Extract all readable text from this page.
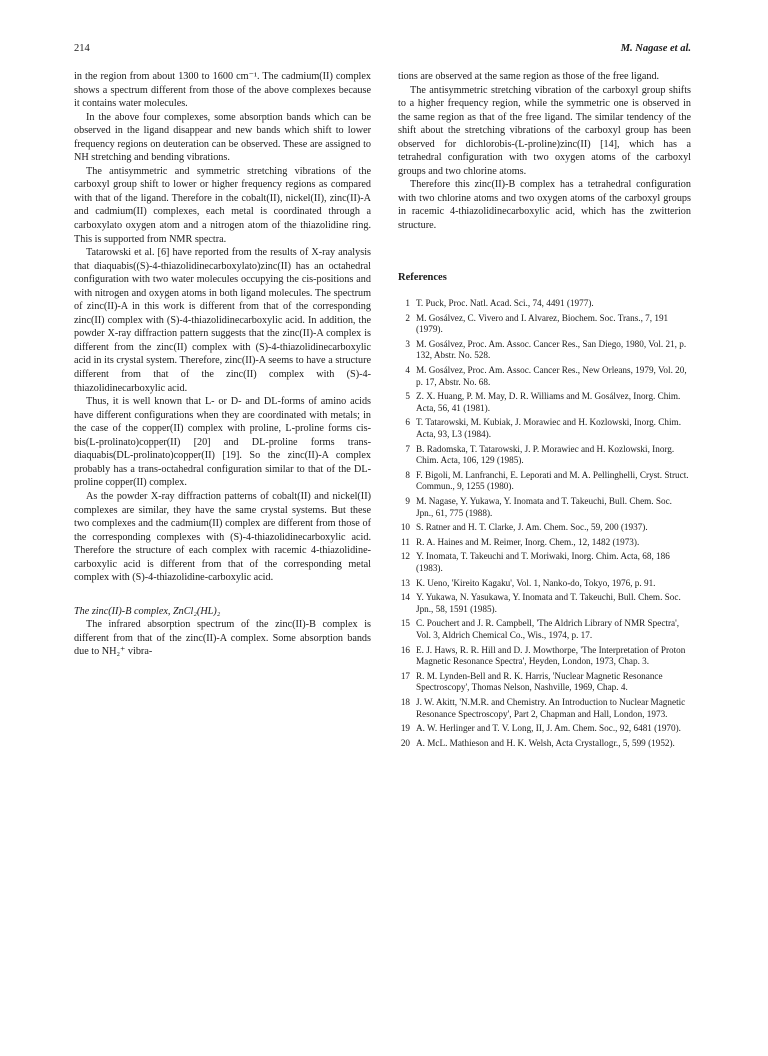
214	M. Nagase et al.

in the region from about 1300 to 1600 cm⁻¹. The cadmium(II) complex shows a spectrum different from those of the above complexes because it contains water molecules.

In the above four complexes, some absorption bands which can be observed in the ligand disappear and new bands which shift to lower frequency regions on deuteration can be observed. These are assigned to NH stretching and bending vibrations.

The antisymmetric and symmetric stretching vibrations of the carboxyl group shift to lower or higher frequency regions as compared with that of the ligand. Therefore in the cobalt(II), nickel(II), zinc(II)-A and cadmium(II) complexes, each metal is coordinated through a carboxylato oxygen atom and a nitrogen atom of the thiazolidine ring. This is supported from NMR spectra.

Tatarowski et al. [6] have reported from the results of X-ray analysis that diaquabis((S)-4-thiazolidinecarboxylato)zinc(II) has an octahedral configuration with two water molecules occupying the cis-positions and with nitrogen and oxygen atoms in both ligand molecules. The spectrum of zinc(II)-A in this work is different from that of the corresponding zinc(II) complex with (S)-4-thiazolidinecarboxylic acid. In addition, the powder X-ray diffraction pattern suggests that the zinc(II)-A complex is different from the zinc(II) complex with (S)-4-thiazolidinecarboxylic acid in its crystal system. Therefore, zinc(II)-A seems to have a structure different from that of the zinc(II) complex with (S)-4-thiazolidinecarboxylic acid.

Thus, it is well known that L- or D- and DL-forms of amino acids have different configurations when they are coordinated with metals; in the case of the copper(II) complex with proline, L-proline forms cis-bis(L-prolinato)copper(II) [20] and DL-proline forms trans-diaquabis(DL-prolinato)copper(II) [19]. So the zinc(II)-A complex probably has a trans-octahedral configuration similar to that of the DL-proline copper(II) complex.

As the powder X-ray diffraction patterns of cobalt(II) and nickel(II) complexes are similar, they have the same crystal systems. But these two complexes and the cadmium(II) complex are different from those of the corresponding complexes with (S)-4-thiazolidinecarboxylic acid. Therefore the structure of each complex with racemic 4-thiazolidine-carboxylic acid is different from that of the corresponding metal complex with (S)-4-thiazolidine-carboxylic acid.

The zinc(II)-B complex, ZnCl₂(HL)₂

The infrared absorption spectrum of the zinc(II)-B complex is different from that of the zinc(II)-A complex. Some absorption bands due to NH₂⁺ vibra-

tions are observed at the same region as those of the free ligand.

The antisymmetric stretching vibration of the carboxyl group shifts to a higher frequency region, while the symmetric one is observed in the same region as that of the free ligand. The similar tendency of the shift about the stretching vibrations of the carboxyl group has been observed for dichlorobis-(L-proline)zinc(II) [14], which has a tetrahedral configuration with two oxygen atoms of the carboxyl groups and two chlorine atoms.

Therefore this zinc(II)-B complex has a tetrahedral configuration with two chlorine atoms and two oxygen atoms of the carboxyl groups in racemic 4-thiazolidinecarboxylic acid, which has the zwitterion structure.

References
1 T. Puck, Proc. Natl. Acad. Sci., 74, 4491 (1977).
2 M. Gosálvez, C. Vivero and I. Alvarez, Biochem. Soc. Trans., 7, 191 (1979).
3 M. Gosálvez, Proc. Am. Assoc. Cancer Res., San Diego, 1980, Vol. 21, p. 132, Abstr. No. 528.
4 M. Gosálvez, Proc. Am. Assoc. Cancer Res., New Orleans, 1979, Vol. 20, p. 17, Abstr. No. 68.
5 Z. X. Huang, P. M. May, D. R. Williams and M. Gosálvez, Inorg. Chim. Acta, 56, 41 (1981).
6 T. Tatarowski, M. Kubiak, J. Morawiec and H. Kozlowski, Inorg. Chim. Acta, 93, L3 (1984).
7 B. Radomska, T. Tatarowski, J. P. Morawiec and H. Kozlowski, Inorg. Chim. Acta, 106, 129 (1985).
8 F. Bigoli, M. Lanfranchi, E. Leporati and M. A. Pellinghelli, Cryst. Struct. Commun., 9, 1255 (1980).
9 M. Nagase, Y. Yukawa, Y. Inomata and T. Takeuchi, Bull. Chem. Soc. Jpn., 61, 775 (1988).
10 S. Ratner and H. T. Clarke, J. Am. Chem. Soc., 59, 200 (1937).
11 R. A. Haines and M. Reimer, Inorg. Chem., 12, 1482 (1973).
12 Y. Inomata, T. Takeuchi and T. Moriwaki, Inorg. Chim. Acta, 68, 186 (1983).
13 K. Ueno, 'Kireito Kagaku', Vol. 1, Nanko-do, Tokyo, 1976, p. 91.
14 Y. Yukawa, N. Yasukawa, Y. Inomata and T. Takeuchi, Bull. Chem. Soc. Jpn., 58, 1591 (1985).
15 C. Pouchert and J. R. Campbell, 'The Aldrich Library of NMR Spectra', Vol. 3, Aldrich Chemical Co., Wis., 1974, p. 17.
16 E. J. Haws, R. R. Hill and D. J. Mowthorpe, 'The Interpretation of Proton Magnetic Resonance Spectra', Heyden, London, 1973, Chap. 3.
17 R. M. Lynden-Bell and R. K. Harris, 'Nuclear Magnetic Resonance Spectroscopy', Thomas Nelson, Nashville, 1969, Chap. 4.
18 J. W. Akitt, 'N.M.R. and Chemistry. An Introduction to Nuclear Magnetic Resonance Spectroscopy', Part 2, Chapman and Hall, London, 1973.
19 A. W. Herlinger and T. V. Long, II, J. Am. Chem. Soc., 92, 6481 (1970).
20 A. McL. Mathieson and H. K. Welsh, Acta Crystallogr., 5, 599 (1952).
